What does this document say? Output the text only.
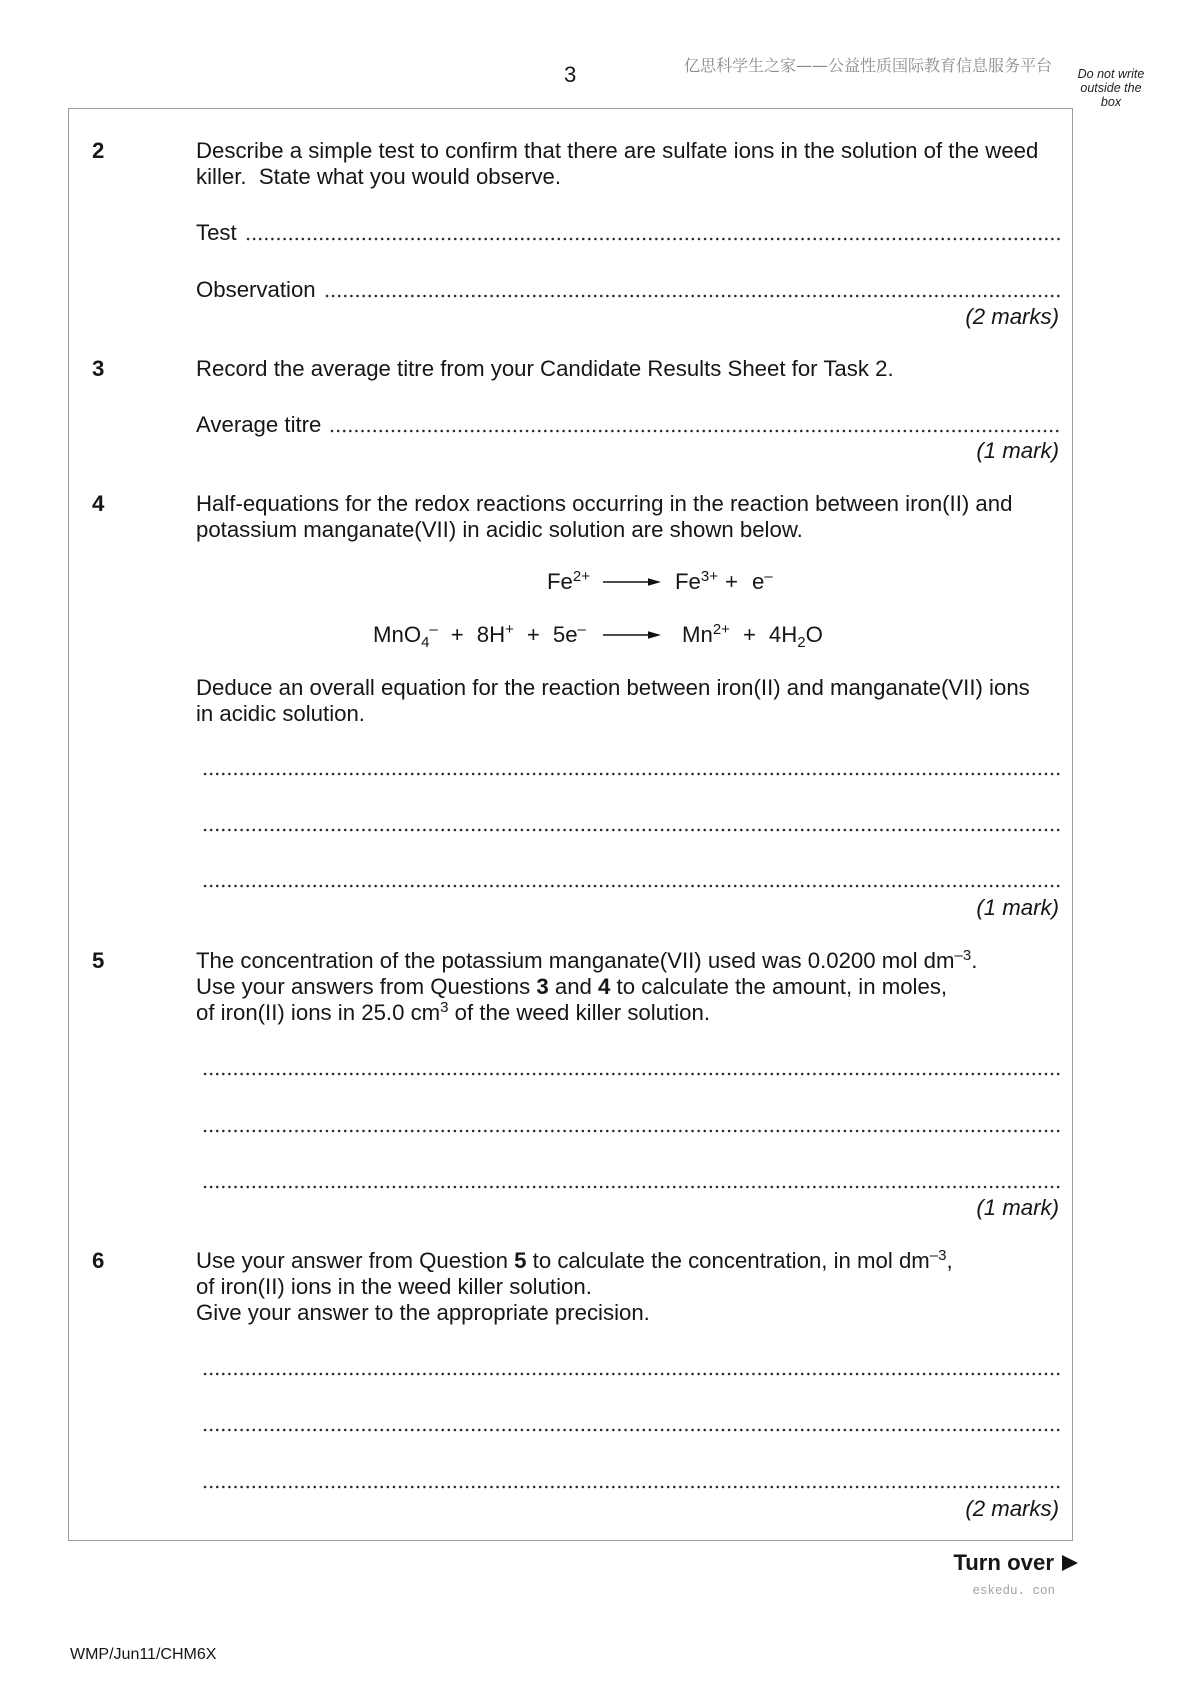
3	亿思科学生之家——公益性质国际教育信息服务平台	Do not write
outside the
box
2	Describe a simple test to confirm that there are sulfate ions in the solution of the weed
killer.  State what you would observe.
Test
Observation
(2 marks)
3	Record the average titre from your Candidate Results Sheet for Task 2.
Average titre
(1 mark)
4	Half-equations for the redox reactions occurring in the reaction between iron(II) and
potassium manganate(VII) in acidic solution are shown below.
Fe 2+ → Fe 3+ + e –
MnO 4
– + 8H + + 5e – → Mn 2+ + 4H 2 O
Deduce an overall equation for the reaction between iron(II) and manganate(VII) ions
in acidic solution.
(1 mark)
5	The concentration of the potassium manganate(VII) used was 0.0200 mol dm –3 .
Use your answers from Questions 3 and 4 to calculate the amount, in moles,
of iron(II) ions in 25.0 cm 3 of the weed killer solution.
(1 mark)
6	Use your answer from Question 5 to calculate the concentration, in mol dm –3 ,
of iron(II) ions in the weed killer solution.
Give your answer to the appropriate precision.
(2 marks)
Turn over
eskedu. con
WMP/Jun11/CHM6X
